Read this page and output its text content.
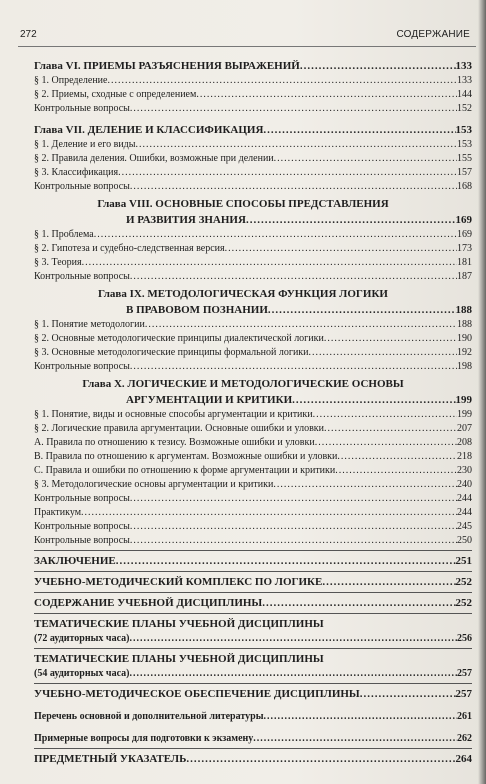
272	СОДЕРЖАНИЕ
Глава VI. ПРИЕМЫ РАЗЪЯСНЕНИЯ ВЫРАЖЕНИЙ .....	133
§ 1. Определение .....	133
§ 2. Приемы, сходные с определением .....	144
Контрольные вопросы .....	152
Глава VII. ДЕЛЕНИЕ И КЛАССИФИКАЦИЯ .....	153
§ 1. Деление и его виды .....	153
§ 2. Правила деления. Ошибки, возможные при делении .....	155
§ 3. Классификация .....	157
Контрольные вопросы .....	168
Глава VIII. ОСНОВНЫЕ СПОСОБЫ ПРЕДСТАВЛЕНИЯ
И РАЗВИТИЯ ЗНАНИЯ .....	169
§ 1. Проблема .....	169
§ 2. Гипотеза и судебно-следственная версия .....	173
§ 3. Теория .....	181
Контрольные вопросы .....	187
Глава IX. МЕТОДОЛОГИЧЕСКАЯ ФУНКЦИЯ ЛОГИКИ
В ПРАВОВОМ ПОЗНАНИИ .....	188
§ 1. Понятие методологии .....	188
§ 2. Основные методологические принципы диалектической логики .....	190
§ 3. Основные методологические принципы формальной логики .....	192
Контрольные вопросы .....	198
Глава X. ЛОГИЧЕСКИЕ И МЕТОДОЛОГИЧЕСКИЕ ОСНОВЫ
АРГУМЕНТАЦИИ И КРИТИКИ .....	199
§ 1. Понятие, виды и основные способы аргументации и критики .....	199
§ 2. Логические правила аргументации. Основные ошибки и уловки .....	207
А. Правила по отношению к тезису. Возможные ошибки и уловки .....	208
В. Правила по отношению к аргументам. Возможные ошибки и уловки .....	218
С. Правила и ошибки по отношению к форме аргументации и критики .....	230
§ 3. Методологические основы аргументации и критики .....	240
Контрольные вопросы .....	244
Практикум .....	244
Контрольные вопросы .....	245
Контрольные вопросы .....	250
ЗАКЛЮЧЕНИЕ .....	251
УЧЕБНО-МЕТОДИЧЕСКИЙ КОМПЛЕКС ПО ЛОГИКЕ .....	252
СОДЕРЖАНИЕ УЧЕБНОЙ ДИСЦИПЛИНЫ .....	252
ТЕМАТИЧЕСКИЕ ПЛАНЫ УЧЕБНОЙ ДИСЦИПЛИНЫ
(72 аудиторных часа) .....	256
ТЕМАТИЧЕСКИЕ ПЛАНЫ УЧЕБНОЙ ДИСЦИПЛИНЫ
(54 аудиторных часа) .....	257
УЧЕБНО-МЕТОДИЧЕСКОЕ ОБЕСПЕЧЕНИЕ ДИСЦИПЛИНЫ .....	257
Перечень основной и дополнительной литературы .....	261
Примерные вопросы для подготовки к экзамену .....	262
ПРЕДМЕТНЫЙ УКАЗАТЕЛЬ .....	264
